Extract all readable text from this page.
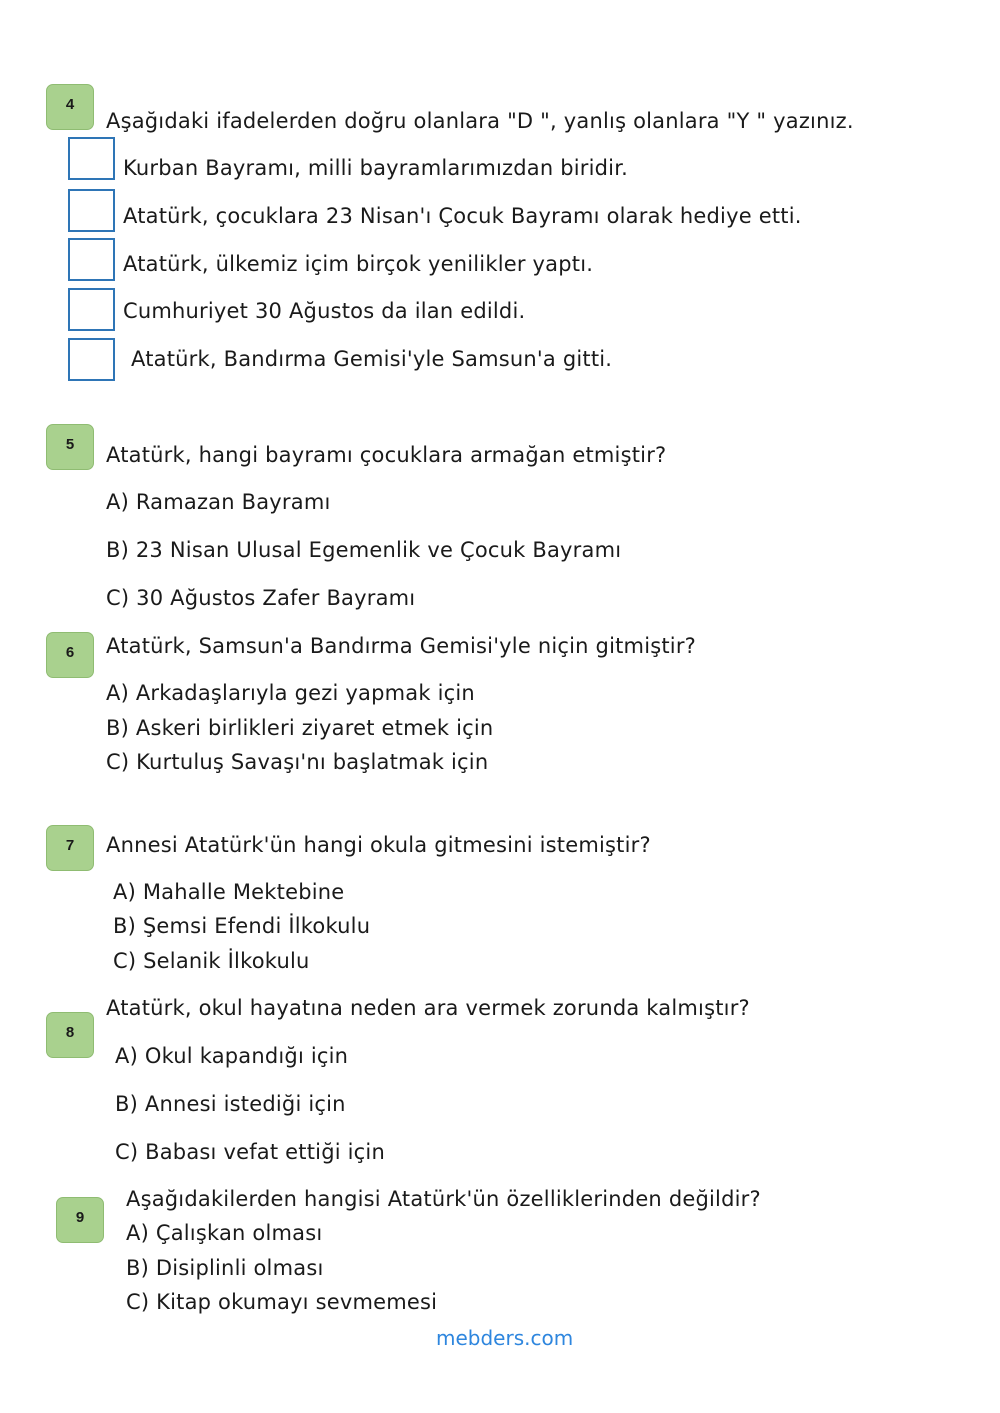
4
Aşağıdaki ifadelerden doğru olanlara "D ", yanlış olanlara "Y " yazınız.
Kurban Bayramı, milli bayramlarımızdan biridir.
Atatürk, çocuklara 23 Nisan'ı Çocuk Bayramı olarak hediye etti.
Atatürk, ülkemiz içim birçok yenilikler yaptı.
Cumhuriyet 30 Ağustos da ilan edildi.
Atatürk, Bandırma Gemisi'yle Samsun'a gitti.
5 Atatürk, hangi bayramı çocuklara armağan etmiştir?
A) Ramazan Bayramı
B) 23 Nisan Ulusal Egemenlik ve Çocuk Bayramı
C) 30 Ağustos Zafer Bayramı
6 Atatürk, Samsun'a Bandırma Gemisi'yle niçin gitmiştir?
A) Arkadaşlarıyla gezi yapmak için
B) Askeri birlikleri ziyaret etmek için
C) Kurtuluş Savaşı'nı başlatmak için
7 Annesi Atatürk'ün hangi okula gitmesini istemiştir?
A) Mahalle Mektebine
B) Şemsi Efendi İlkokulu
C) Selanik İlkokulu
8
Atatürk, okul hayatına neden ara vermek zorunda kalmıştır?
A) Okul kapandığı için
B) Annesi istediği için
C) Babası vefat ettiği için
9
Aşağıdakilerden hangisi Atatürk'ün özelliklerinden değildir?
A) Çalışkan olması
B) Disiplinli olması
C) Kitap okumayı sevmemesi
mebders.com
